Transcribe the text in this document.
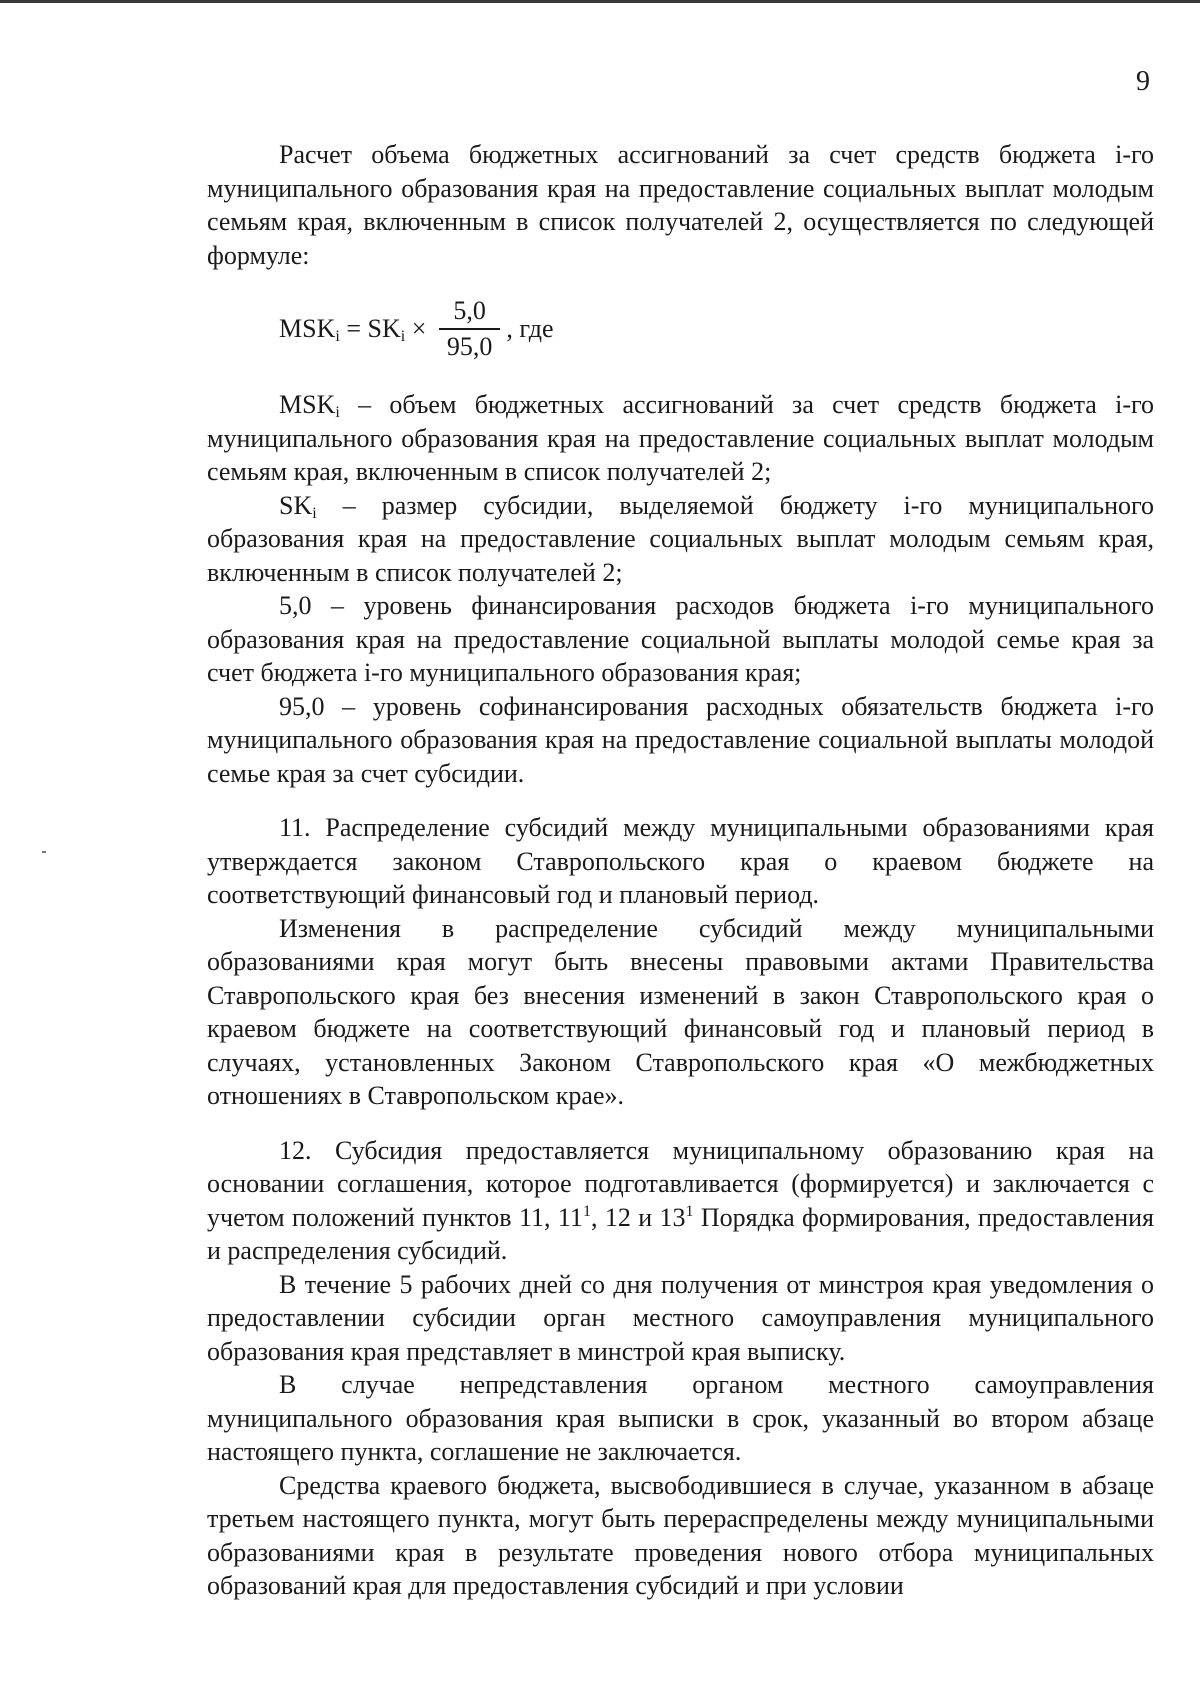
9

Расчет объема бюджетных ассигнований за счет средств бюджета i-го муниципального образования края на предоставление социальных выплат молодым семьям края, включенным в список получателей 2, осуществляется по следующей формуле:

$MSK_i = SK_i \times \frac{5,0}{95,0}$ , где

$MSK_i$ – объем бюджетных ассигнований за счет средств бюджета i-го муниципального образования края на предоставление социальных выплат молодым семьям края, включенным в список получателей 2;

$SK_i$ – размер субсидии, выделяемой бюджету i-го муниципального образования края на предоставление социальных выплат молодым семьям края, включенным в список получателей 2;

5,0 – уровень финансирования расходов бюджета i-го муниципального образования края на предоставление социальной выплаты молодой семье края за счет бюджета i-го муниципального образования края;

95,0 – уровень софинансирования расходных обязательств бюджета i-го муниципального образования края на предоставление социальной выплаты молодой семье края за счет субсидии.

11. Распределение субсидий между муниципальными образованиями края утверждается законом Ставропольского края о краевом бюджете на соответствующий финансовый год и плановый период.

Изменения в распределение субсидий между муниципальными образованиями края могут быть внесены правовыми актами Правительства Ставропольского края без внесения изменений в закон Ставропольского края о краевом бюджете на соответствующий финансовый год и плановый период в случаях, установленных Законом Ставропольского края «О межбюджетных отношениях в Ставропольском крае».

12. Субсидия предоставляется муниципальному образованию края на основании соглашения, которое подготавливается (формируется) и заключается с учетом положений пунктов 11, $11^1$, 12 и $13^1$ Порядка формирования, предоставления и распределения субсидий.

В течение 5 рабочих дней со дня получения от минстроя края уведомления о предоставлении субсидии орган местного самоуправления муниципального образования края представляет в минстрой края выписку.

В случае непредставления органом местного самоуправления муниципального образования края выписки в срок, указанный во втором абзаце настоящего пункта, соглашение не заключается.

Средства краевого бюджета, высвободившиеся в случае, указанном в абзаце третьем настоящего пункта, могут быть перераспределены между муниципальными образованиями края в результате проведения нового отбора муниципальных образований края для предоставления субсидий и при условии
